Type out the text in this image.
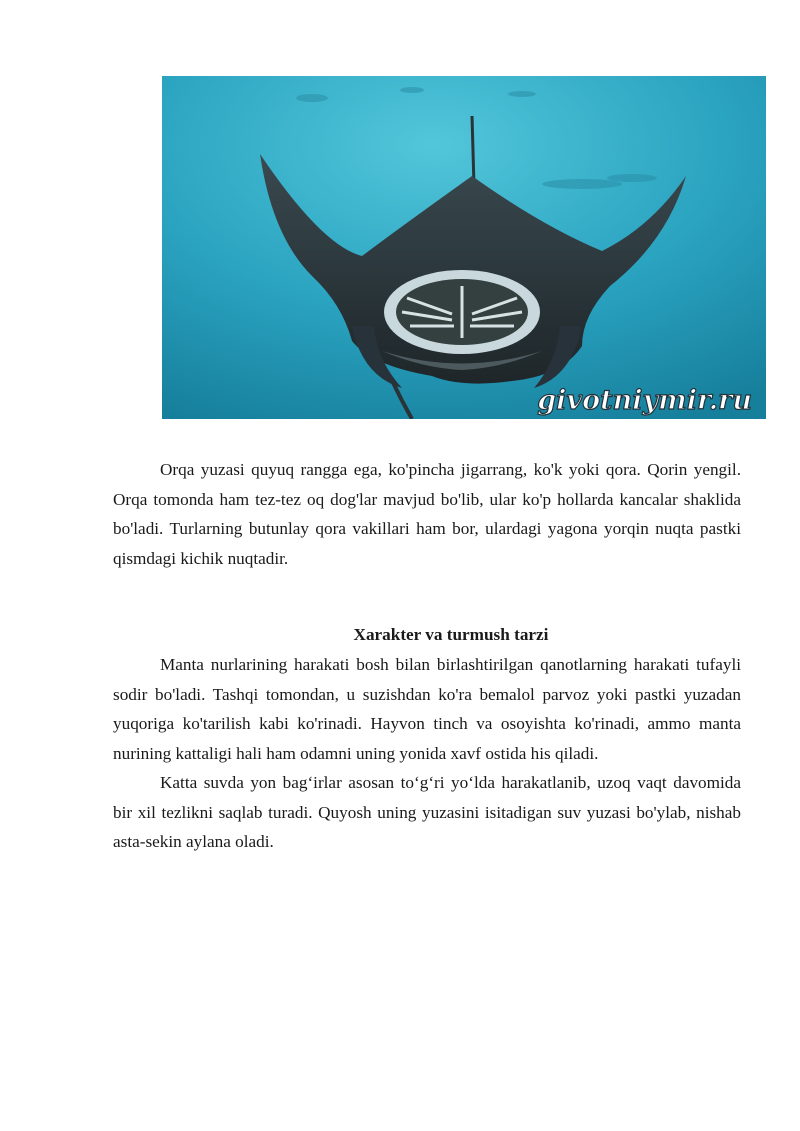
givotniymir.ru

Orqa yuzasi quyuq rangga ega, ko'pincha jigarrang, ko'k yoki qora. Qorin yengil. Orqa tomonda ham tez-tez oq dog'lar mavjud bo'lib, ular ko'p hollarda kancalar shaklida bo'ladi. Turlarning butunlay qora vakillari ham bor, ulardagi yagona yorqin nuqta pastki qismdagi kichik nuqtadir.

Xarakter va turmush tarzi

Manta nurlarining harakati bosh bilan birlashtirilgan qanotlarning harakati tufayli sodir bo'ladi. Tashqi tomondan, u suzishdan ko'ra bemalol parvoz yoki pastki yuzadan yuqoriga ko'tarilish kabi ko'rinadi. Hayvon tinch va osoyishta ko'rinadi, ammo manta nurining kattaligi hali ham odamni uning yonida xavf ostida his qiladi.

Katta suvda yon bag‘irlar asosan to‘g‘ri yo‘lda harakatlanib, uzoq vaqt davomida bir xil tezlikni saqlab turadi. Quyosh uning yuzasini isitadigan suv yuzasi bo'ylab, nishab asta-sekin aylana oladi.
